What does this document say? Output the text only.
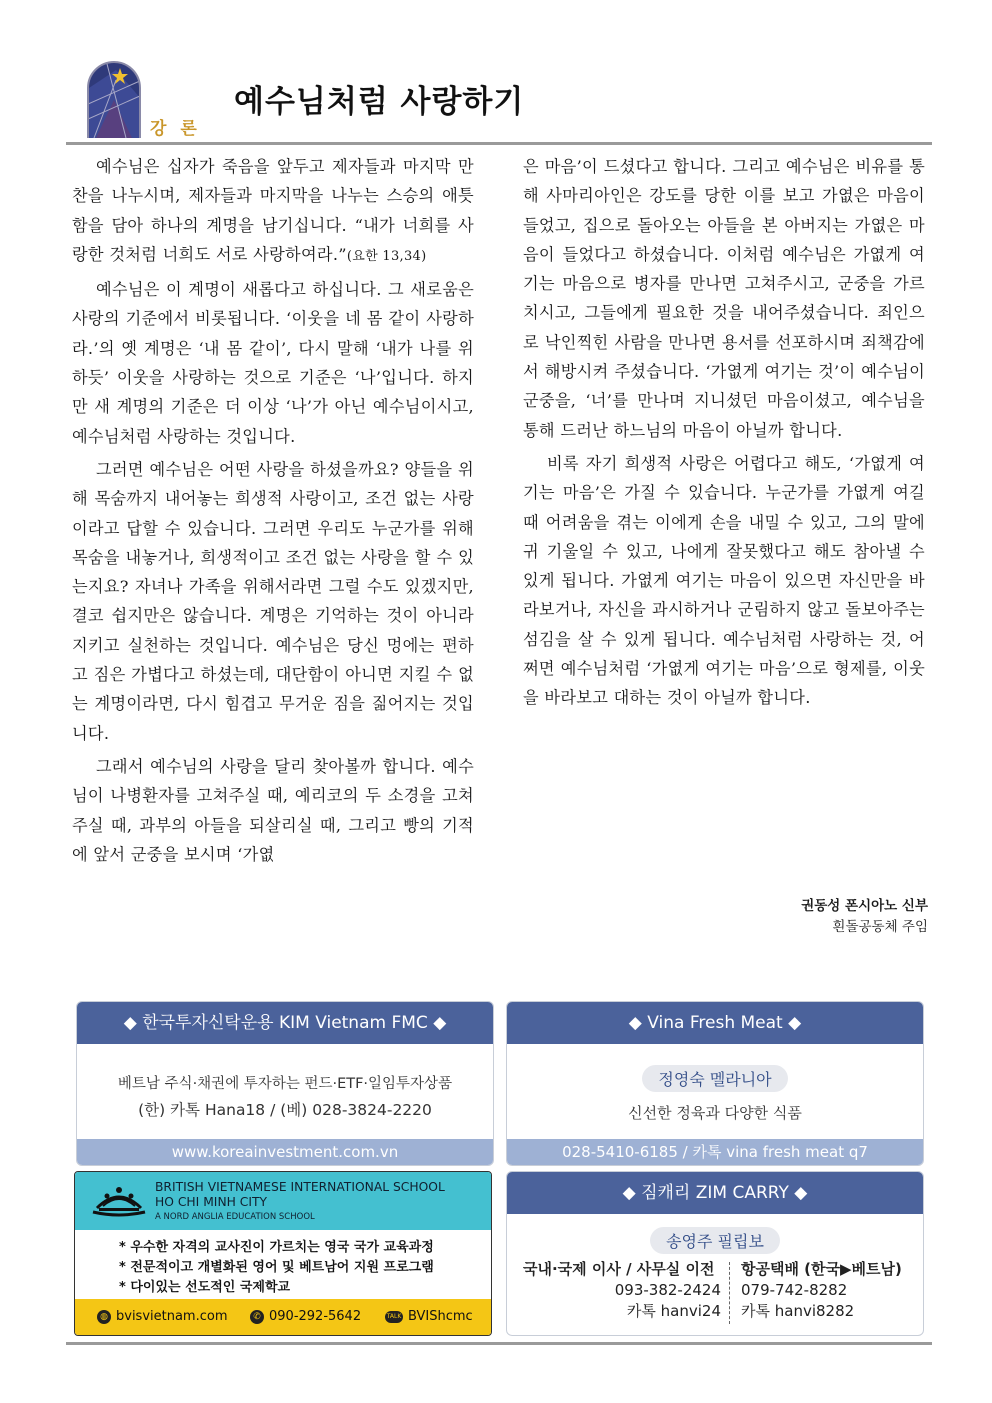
강 론
예수님처럼 사랑하기

예수님은 십자가 죽음을 앞두고 제자들과 마지막 만찬을 나누시며, 제자들과 마지막을 나누는 스승의 애틋함을 담아 하나의 계명을 남기십니다. “내가 너희를 사랑한 것처럼 너희도 서로 사랑하여라.”(요한 13,34)

예수님은 이 계명이 새롭다고 하십니다. 그 새로움은 사랑의 기준에서 비롯됩니다. ‘이웃을 네 몸 같이 사랑하라.’의 옛 계명은 ‘내 몸 같이’, 다시 말해 ‘내가 나를 위하듯’ 이웃을 사랑하는 것으로 기준은 ‘나’입니다. 하지만 새 계명의 기준은 더 이상 ‘나’가 아닌 예수님이시고, 예수님처럼 사랑하는 것입니다.

그러면 예수님은 어떤 사랑을 하셨을까요? 양들을 위해 목숨까지 내어놓는 희생적 사랑이고, 조건 없는 사랑이라고 답할 수 있습니다. 그러면 우리도 누군가를 위해 목숨을 내놓거나, 희생적이고 조건 없는 사랑을 할 수 있는지요? 자녀나 가족을 위해서라면 그럴 수도 있겠지만, 결코 쉽지만은 않습니다. 계명은 기억하는 것이 아니라 지키고 실천하는 것입니다. 예수님은 당신 멍에는 편하고 짐은 가볍다고 하셨는데, 대단함이 아니면 지킬 수 없는 계명이라면, 다시 힘겹고 무거운 짐을 짊어지는 것입니다.

그래서 예수님의 사랑을 달리 찾아볼까 합니다. 예수님이 나병환자를 고쳐주실 때, 예리코의 두 소경을 고쳐주실 때, 과부의 아들을 되살리실 때, 그리고 빵의 기적에 앞서 군중을 보시며 ‘가엾

은 마음’이 드셨다고 합니다. 그리고 예수님은 비유를 통해 사마리아인은 강도를 당한 이를 보고 가엾은 마음이 들었고, 집으로 돌아오는 아들을 본 아버지는 가엾은 마음이 들었다고 하셨습니다. 이처럼 예수님은 가엾게 여기는 마음으로 병자를 만나면 고쳐주시고, 군중을 가르치시고, 그들에게 필요한 것을 내어주셨습니다. 죄인으로 낙인찍힌 사람을 만나면 용서를 선포하시며 죄책감에서 해방시켜 주셨습니다. ‘가엾게 여기는 것’이 예수님이 군중을, ‘너’를 만나며 지니셨던 마음이셨고, 예수님을 통해 드러난 하느님의 마음이 아닐까 합니다.

비록 자기 희생적 사랑은 어렵다고 해도, ‘가엾게 여기는 마음’은 가질 수 있습니다. 누군가를 가엾게 여길 때 어려움을 겪는 이에게 손을 내밀 수 있고, 그의 말에 귀 기울일 수 있고, 나에게 잘못했다고 해도 참아낼 수 있게 됩니다. 가엾게 여기는 마음이 있으면 자신만을 바라보거나, 자신을 과시하거나 군림하지 않고 돌보아주는 섬김을 살 수 있게 됩니다. 예수님처럼 사랑하는 것, 어쩌면 예수님처럼 ‘가엾게 여기는 마음’으로 형제를, 이웃을 바라보고 대하는 것이 아닐까 합니다.

권동성 폰시아노 신부
흰돌공동체 주임
◆ 한국투자신탁운용 KIM Vietnam FMC ◆
베트남 주식·채권에 투자하는 펀드·ETF·일임투자상품
(한) 카톡 Hana18 / (베) 028-3824-2220
www.koreainvestment.com.vn
◆ Vina Fresh Meat ◆
정영숙 멜라니아
신선한 정육과 다양한 식품
028-5410-6185 / 카톡 vina fresh meat q7
BRITISH VIETNAMESE INTERNATIONAL SCHOOL
HO CHI MINH CITY
A NORD ANGLIA EDUCATION SCHOOL
* 우수한 자격의 교사진이 가르치는 영국 국가 교육과정
* 전문적이고 개별화된 영어 및 베트남어 지원 프로그램
* 다이있는 선도적인 국제학교
◍ bvisvietnam.com	✆ 090-292-5642	TALK BVIShcmc
◆ 짐캐리 ZIM CARRY ◆
송영주 필립보
국내·국제 이사 / 사무실 이전
093-382-2424
카톡 hanvi24
항공택배 (한국▶베트남)
079-742-8282
카톡 hanvi8282
